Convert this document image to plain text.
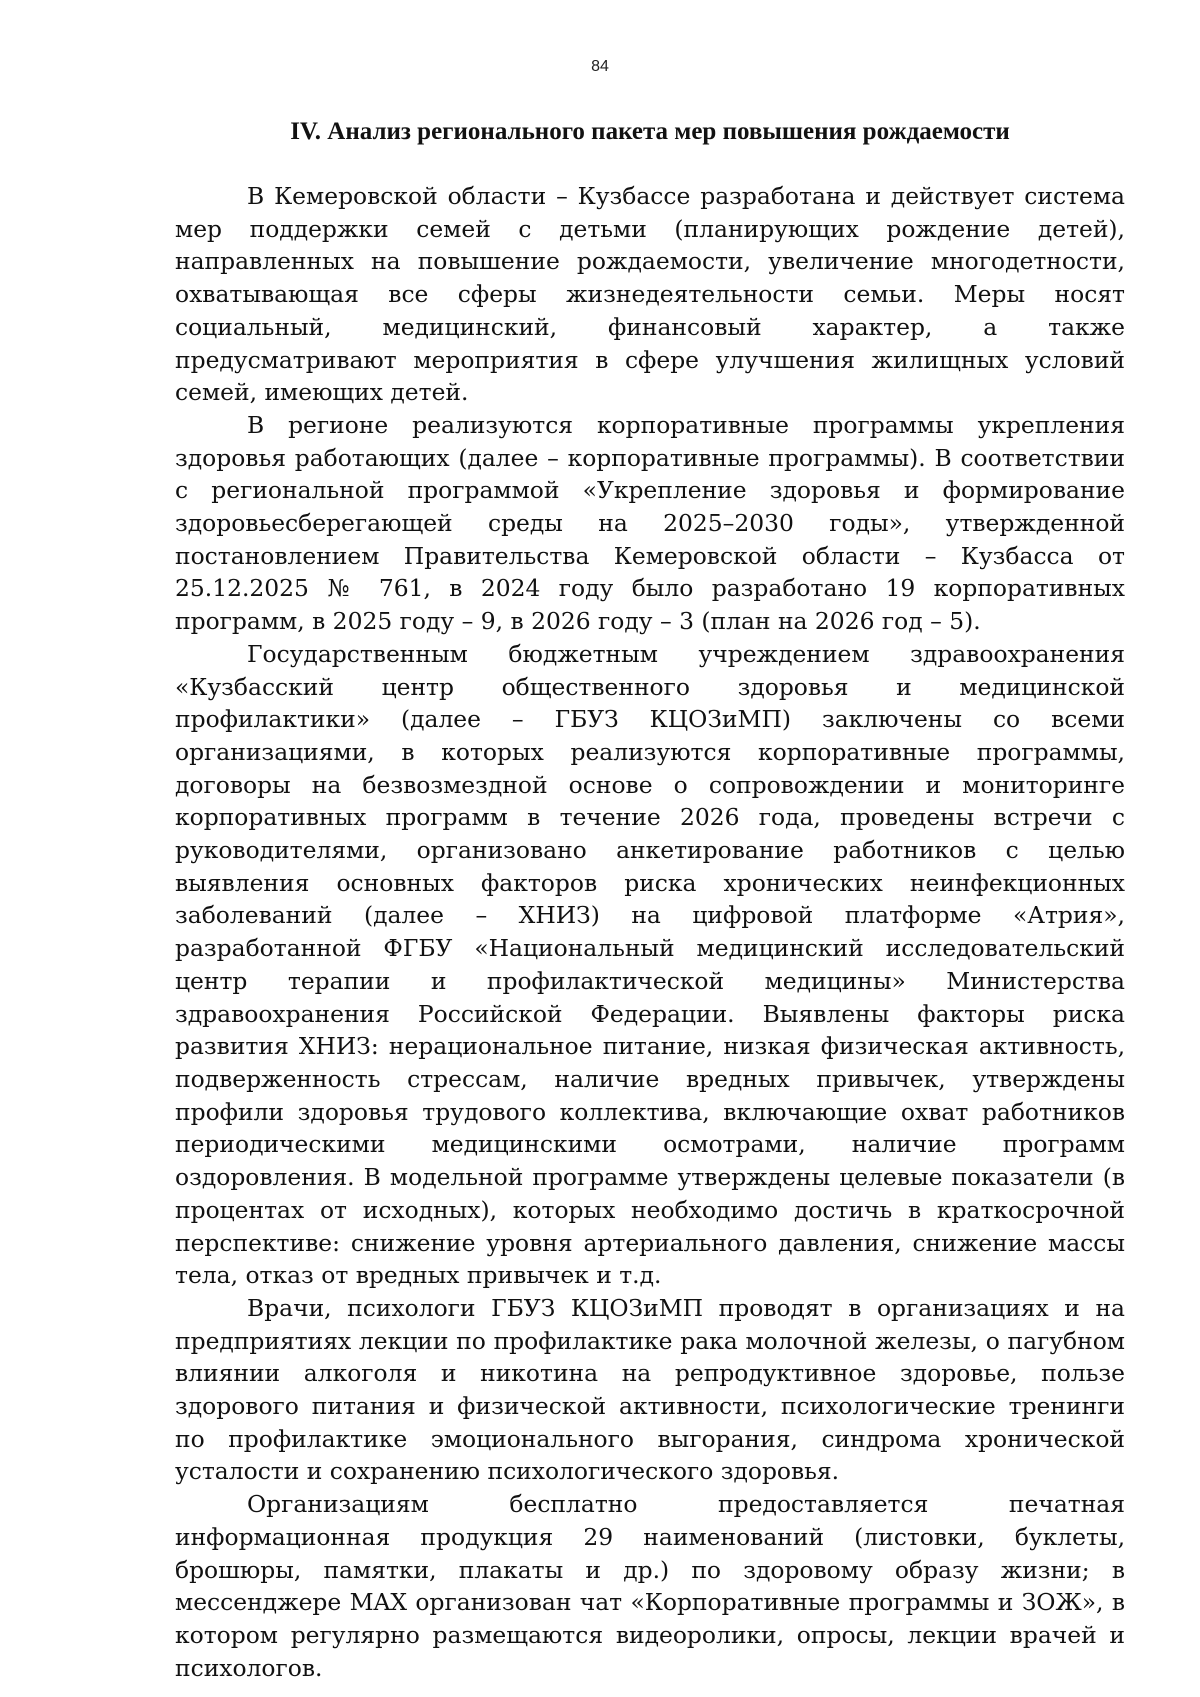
84
IV. Анализ регионального пакета мер повышения рождаемости

В Кемеровской области – Кузбассе разработана и действует система мер поддержки семей с детьми (планирующих рождение детей), направленных на повышение рождаемости, увеличение многодетности, охватывающая все сферы жизнедеятельности семьи. Меры носят социальный, медицинский, финансовый характер, а также предусматривают мероприятия в сфере улучшения жилищных условий семей, имеющих детей.

В регионе реализуются корпоративные программы укрепления здоровья работающих (далее – корпоративные программы). В соответствии с региональной программой «Укрепление здоровья и формирование здоровьесберегающей среды на 2025–2030 годы», утвержденной постановлением Правительства Кемеровской области – Кузбасса от 25.12.2025 № 761, в 2024 году было разработано 19 корпоративных программ, в 2025 году – 9, в 2026 году – 3 (план на 2026 год – 5).

Государственным бюджетным учреждением здравоохранения «Кузбасский центр общественного здоровья и медицинской профилактики» (далее – ГБУЗ КЦОЗиМП) заключены со всеми организациями, в которых реализуются корпоративные программы, договоры на безвозмездной основе о сопровождении и мониторинге корпоративных программ в течение 2026 года, проведены встречи с руководителями, организовано анкетирование работников с целью выявления основных факторов риска хронических неинфекционных заболеваний (далее – ХНИЗ) на цифровой платформе «Атрия», разработанной ФГБУ «Национальный медицинский исследовательский центр терапии и профилактической медицины» Министерства здравоохранения Российской Федерации. Выявлены факторы риска развития ХНИЗ: нерациональное питание, низкая физическая активность, подверженность стрессам, наличие вредных привычек, утверждены профили здоровья трудового коллектива, включающие охват работников периодическими медицинскими осмотрами, наличие программ оздоровления. В модельной программе утверждены целевые показатели (в процентах от исходных), которых необходимо достичь в краткосрочной перспективе: снижение уровня артериального давления, снижение массы тела, отказ от вредных привычек и т.д.

Врачи, психологи ГБУЗ КЦОЗиМП проводят в организациях и на предприятиях лекции по профилактике рака молочной железы, о пагубном влиянии алкоголя и никотина на репродуктивное здоровье, пользе здорового питания и физической активности, психологические тренинги по профилактике эмоционального выгорания, синдрома хронической усталости и сохранению психологического здоровья.

Организациям бесплатно предоставляется печатная информационная продукция 29 наименований (листовки, буклеты, брошюры, памятки, плакаты и др.) по здоровому образу жизни; в мессенджере MAX организован чат «Корпоративные программы и ЗОЖ», в котором регулярно размещаются видеоролики, опросы, лекции врачей и психологов.
